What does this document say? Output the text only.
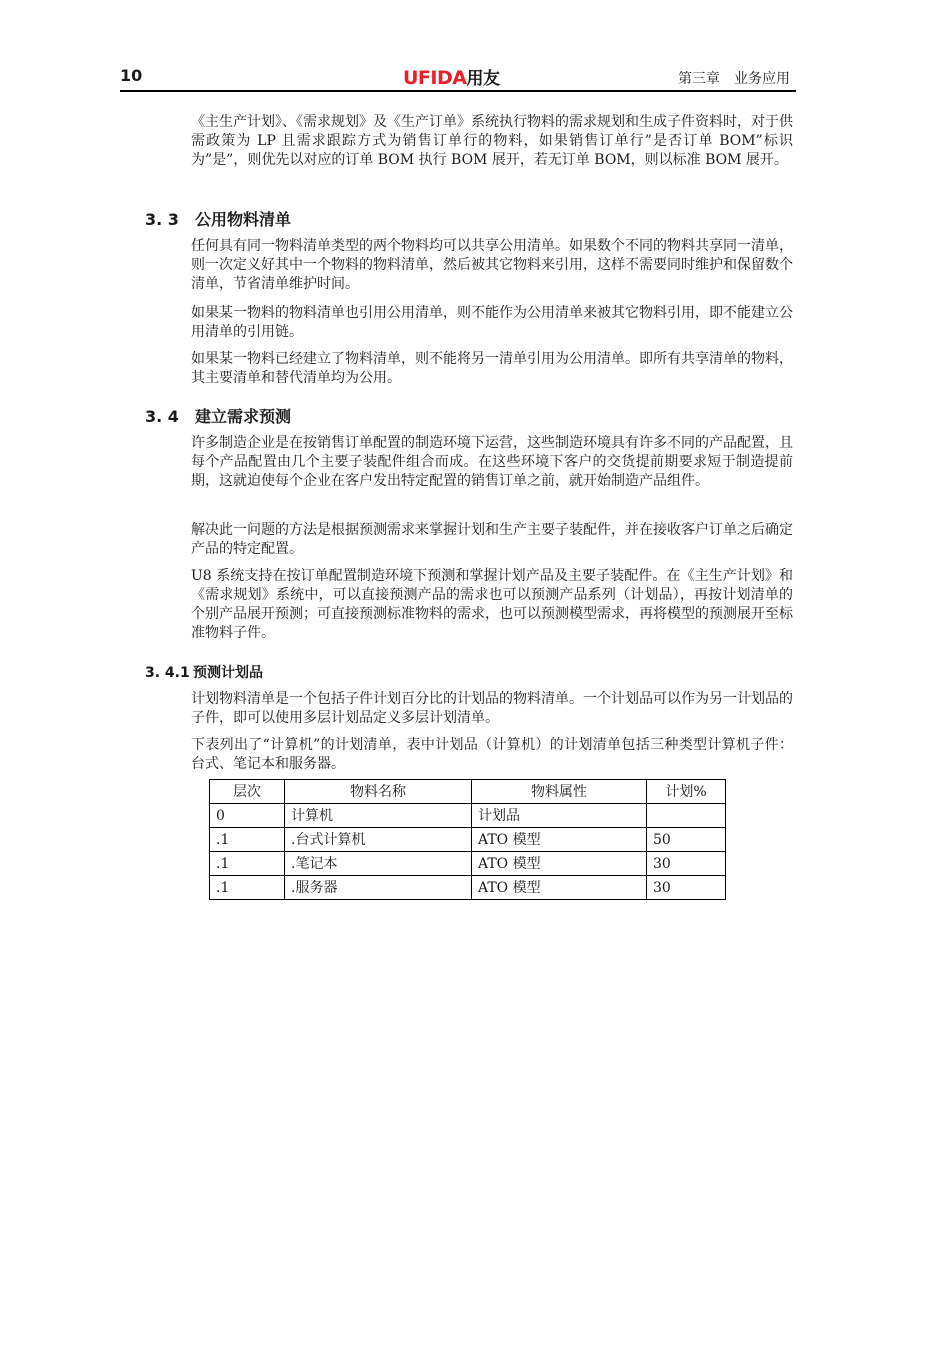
10	UFIDA用友	第三章　业务应用
《主生产计划》、《需求规划》及《生产订单》系统执行物料的需求规划和生成子件资料时，对于供需政策为 LP 且需求跟踪方式为销售订单行的物料，如果销售订单行”是否订单 BOM”标识为”是”，则优先以对应的订单 BOM 执行 BOM 展开，若无订单 BOM，则以标准 BOM 展开。
3. 3 公用物料清单
任何具有同一物料清单类型的两个物料均可以共享公用清单。如果数个不同的物料共享同一清单，则一次定义好其中一个物料的物料清单，然后被其它物料来引用，这样不需要同时维护和保留数个清单，节省清单维护时间。
如果某一物料的物料清单也引用公用清单，则不能作为公用清单来被其它物料引用，即不能建立公用清单的引用链。
如果某一物料已经建立了物料清单，则不能将另一清单引用为公用清单。即所有共享清单的物料，其主要清单和替代清单均为公用。
3. 4 建立需求预测
许多制造企业是在按销售订单配置的制造环境下运营，这些制造环境具有许多不同的产品配置，且每个产品配置由几个主要子装配件组合而成。在这些环境下客户的交货提前期要求短于制造提前期，这就迫使每个企业在客户发出特定配置的销售订单之前，就开始制造产品组件。
解决此一问题的方法是根据预测需求来掌握计划和生产主要子装配件，并在接收客户订单之后确定产品的特定配置。
U8 系统支持在按订单配置制造环境下预测和掌握计划产品及主要子装配件。在《主生产计划》和《需求规划》系统中，可以直接预测产品的需求也可以预测产品系列（计划品），再按计划清单的个别产品展开预测；可直接预测标准物料的需求，也可以预测模型需求，再将模型的预测展开至标准物料子件。
3. 4.1 预测计划品
计划物料清单是一个包括子件计划百分比的计划品的物料清单。一个计划品可以作为另一计划品的子件，即可以使用多层计划品定义多层计划清单。
下表列出了“计算机”的计划清单，表中计划品（计算机）的计划清单包括三种类型计算机子件：台式、笔记本和服务器。
层次	物料名称	物料属性	计划%
0	计算机	计划品	
.1	.台式计算机	ATO 模型	50
.1	.笔记本	ATO 模型	30
.1	.服务器	ATO 模型	30
